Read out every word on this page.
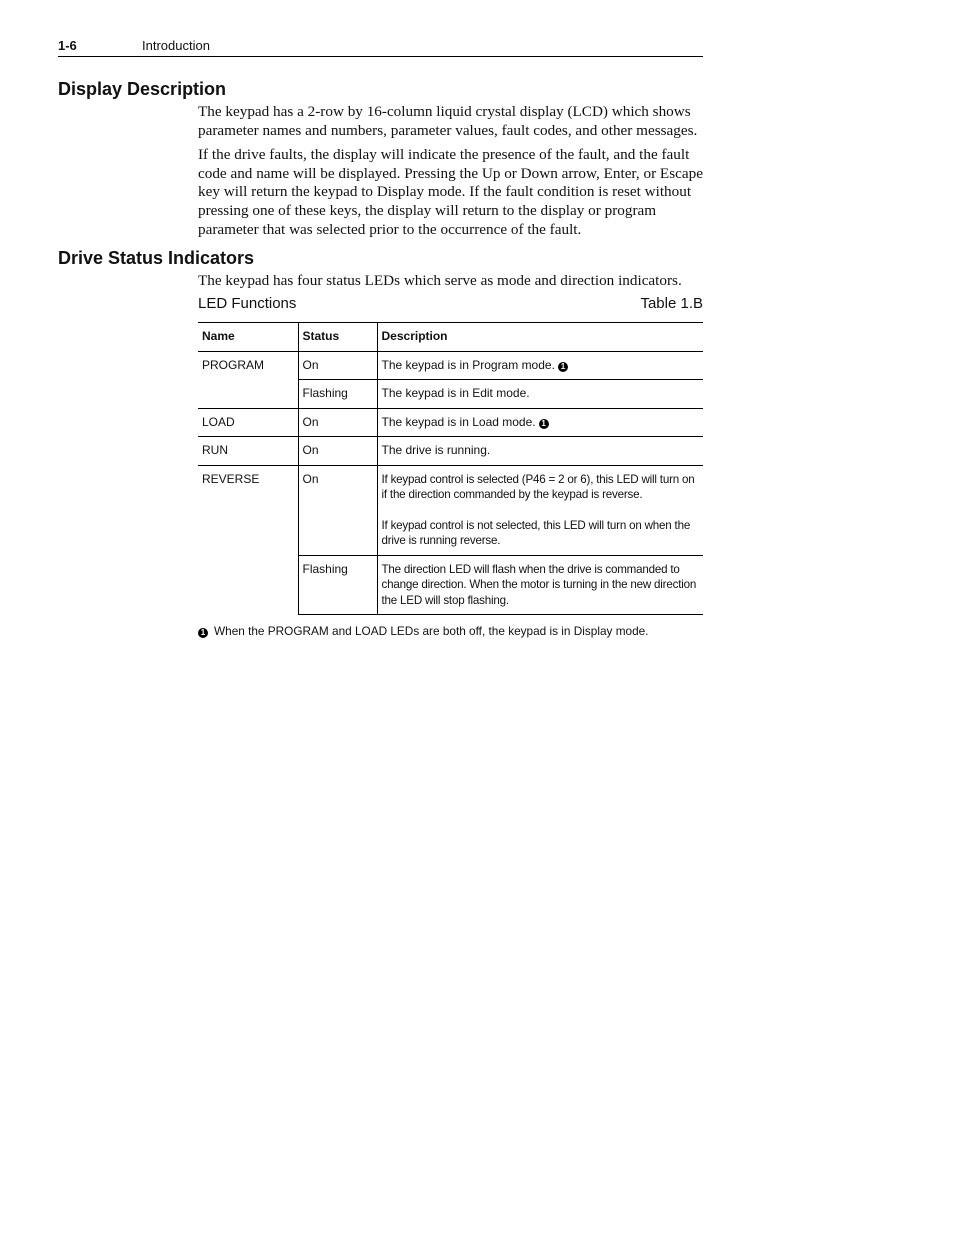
1-6	Introduction
Display Description

The keypad has a 2-row by 16-column liquid crystal display (LCD) which shows parameter names and numbers, parameter values, fault codes, and other messages.

If the drive faults, the display will indicate the presence of the fault, and the fault code and name will be displayed. Pressing the Up or Down arrow, Enter, or Escape key will return the keypad to Display mode. If the fault condition is reset without pressing one of these keys, the display will return to the display or program parameter that was selected prior to the occurrence of the fault.

Drive Status Indicators

The keypad has four status LEDs which serve as mode and direction indicators.

LED Functions	Table 1.B
Name	Status	Description
PROGRAM	On	The keypad is in Program mode. 1
	Flashing	The keypad is in Edit mode.
LOAD	On	The keypad is in Load mode. 1
RUN	On	The drive is running.
REVERSE	On	If keypad control is selected (P46 = 2 or 6), this LED will turn on if the direction commanded by the keypad is reverse.
If keypad control is not selected, this LED will turn on when the drive is running reverse.
	Flashing	The direction LED will flash when the drive is commanded to change direction. When the motor is turning in the new direction the LED will stop flashing.
1 When the PROGRAM and LOAD LEDs are both off, the keypad is in Display mode.
